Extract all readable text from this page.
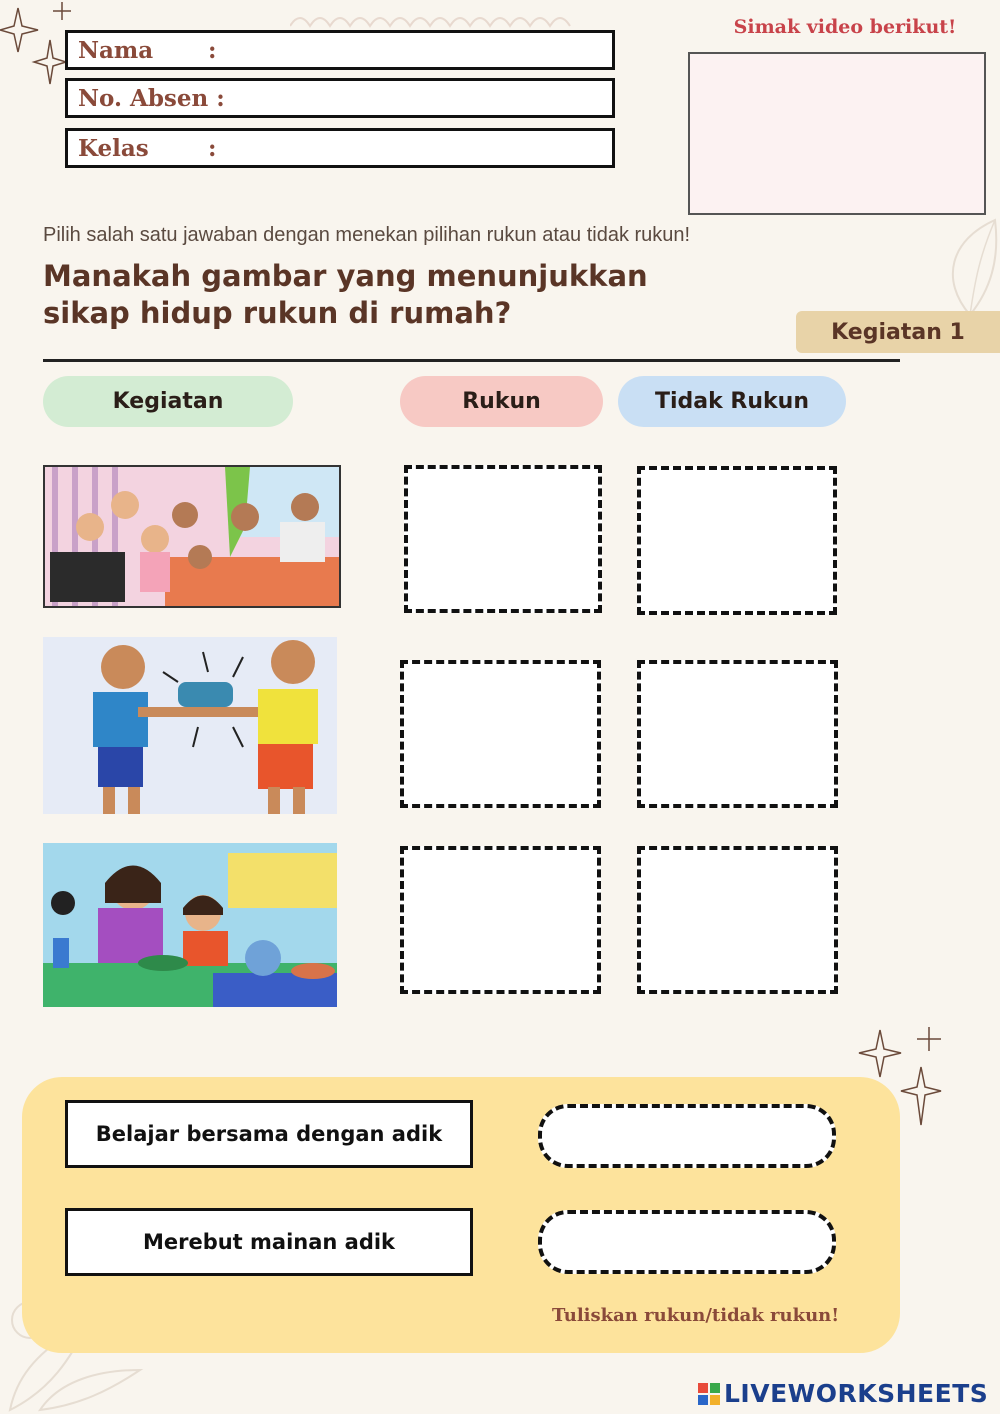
Nama	:
No. Absen :
Kelas	:
Simak video berikut!
Pilih salah satu jawaban dengan menekan pilihan rukun atau tidak rukun!
Manakah gambar yang menunjukkan sikap hidup rukun di rumah?
Kegiatan 1
Kegiatan	Rukun	Tidak Rukun
Belajar bersama dengan adik
Merebut mainan adik
Tuliskan rukun/tidak rukun!
LIVEWORKSHEETS
